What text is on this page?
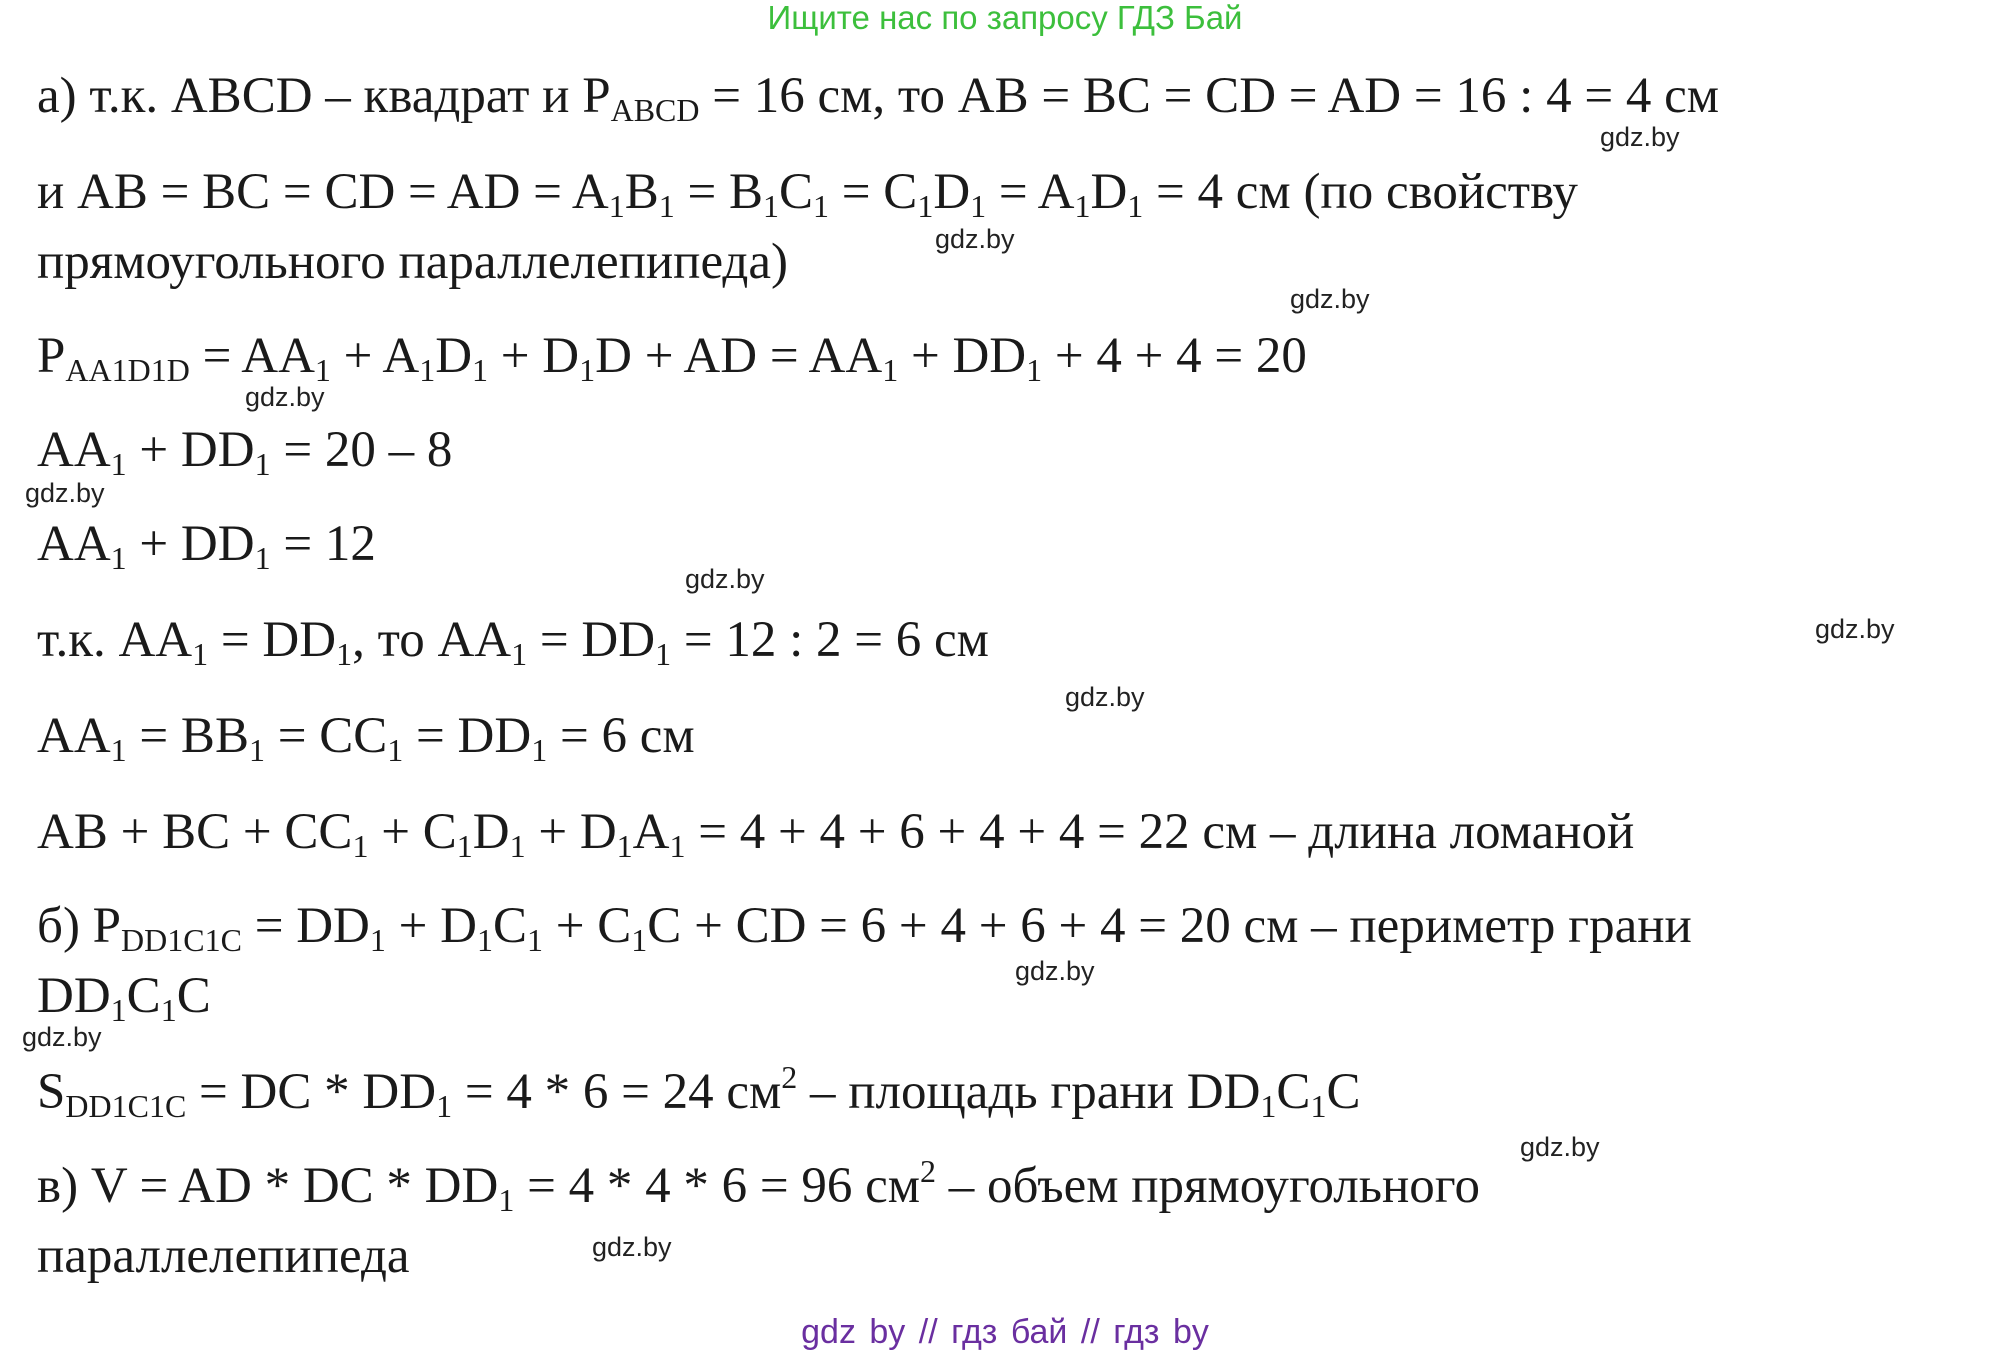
Ищите нас по запросу ГДЗ Бай
а) т.к. ABCD – квадрат и $P_{ABCD} = 16$ см, то AB = BC = CD = AD = 16 : 4 = 4 см
и AB = BC = CD = AD = $A_1B_1 = B_1C_1 = C_1D_1 = A_1D_1 = 4$ см (по свойству
прямоугольного параллелепипеда)
$P_{AA1D1D} = AA_1 + A_1D_1 + D_1D$ + AD = $AA_1 + DD_1 + 4 + 4 = 20$
$AA_1 + DD_1 = 20 - 8$
$AA_1 + DD_1 = 12$
т.к. $AA_1 = DD_1$, то $AA_1 = DD_1 = 12$ : 2 = 6 см
$AA_1 = BB_1 = CC_1 = DD_1 = 6$ см
AB + BC + $CC_1 + C_1D_1 + D_1A_1 = 4 + 4 + 6 + 4 + 4 = 22$ см – длина ломаной
б) $P_{DD1C1C} = DD_1 + D_1C_1 + C_1C$ + CD = 6 + 4 + 6 + 4 = 20 см – периметр грани
$DD_1C_1C$
$S_{DD1C1C}$ = DC * $DD_1 = 4 * 6 = 24$ $см^2$ – площадь грани $DD_1C_1C$
в) V = AD * DC * $DD_1 = 4 * 4 * 6 = 96$ $см^2$ – объем прямоугольного
параллелепипеда
gdz.by
gdz.by
gdz.by
gdz.by
gdz.by
gdz.by
gdz.by
gdz.by
gdz.by
gdz.by
gdz.by
gdz.by
gdz by // гдз бай // гдз by
